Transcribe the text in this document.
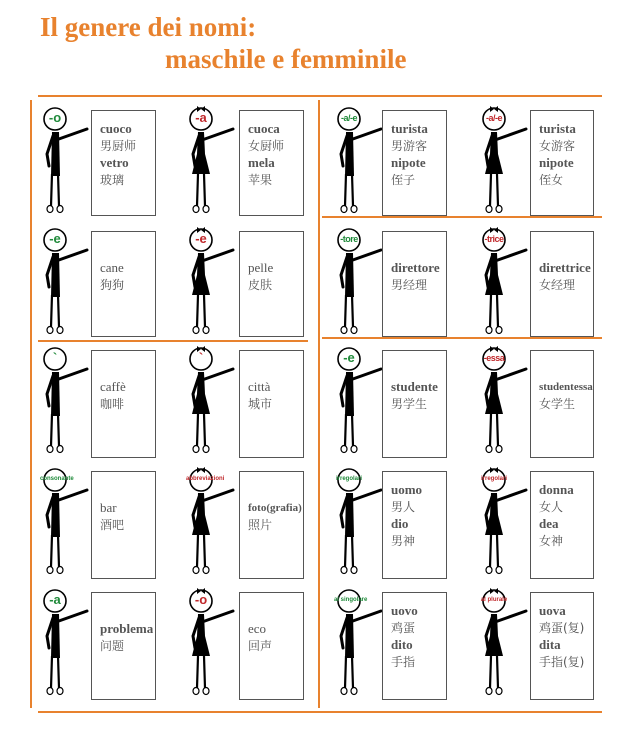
Il genere dei nomi:
maschile e femminile
-o
cuoco
男厨师
vetro
玻璃
-a
cuoca
女厨师
mela
苹果
-a/-e
turista
男游客
nipote
侄子
-a/-e
turista
女游客
nipote
侄女
-e
cane
狗狗
-e
pelle
皮肤
-tore
direttore
男经理
-trice
direttrice
女经理
`
caffè
咖啡
`
città
城市
-e
studente
男学生
-essa
studentessa
女学生
consonante
bar
酒吧
abbreviazioni
foto(grafia)
照片
irregolari
uomo
男人
dio
男神
irregolari
donna
女人
dea
女神
-a
problema
问题
-o
eco
回声
al singolare
uovo
鸡蛋
dito
手指
al plurale
uova
鸡蛋(复)
dita
手指(复)
